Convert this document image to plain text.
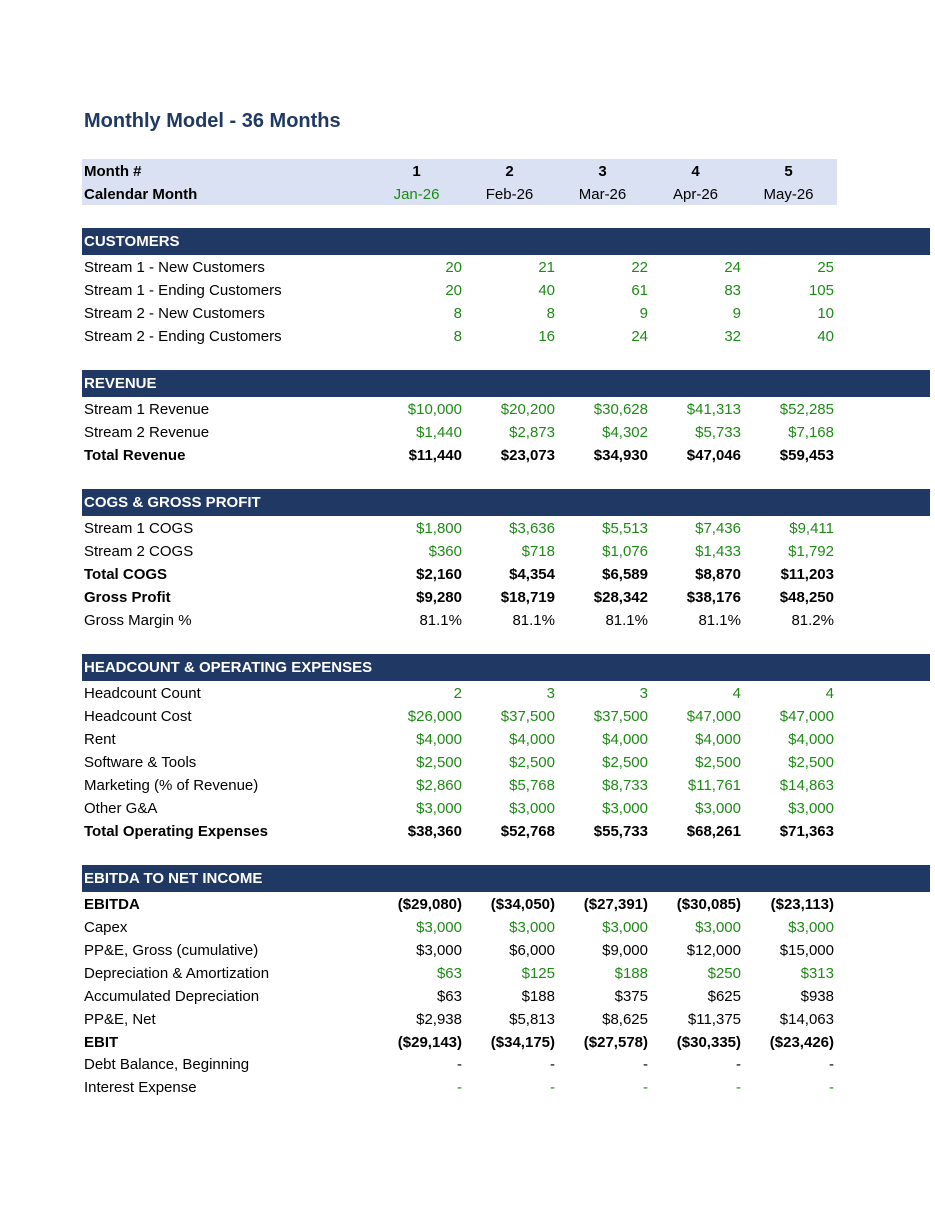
Monthly Model - 36 Months
Month #	1	2	3	4	5
Calendar Month	Jan-26	Feb-26	Mar-26	Apr-26	May-26
CUSTOMERS
Stream 1 - New Customers	20	21	22	24	25
Stream 1 - Ending Customers	20	40	61	83	105
Stream 2 - New Customers	8	8	9	9	10
Stream 2 - Ending Customers	8	16	24	32	40
REVENUE
Stream 1 Revenue	$10,000	$20,200	$30,628	$41,313	$52,285
Stream 2 Revenue	$1,440	$2,873	$4,302	$5,733	$7,168
Total Revenue	$11,440	$23,073	$34,930	$47,046	$59,453
COGS & GROSS PROFIT
Stream 1 COGS	$1,800	$3,636	$5,513	$7,436	$9,411
Stream 2 COGS	$360	$718	$1,076	$1,433	$1,792
Total COGS	$2,160	$4,354	$6,589	$8,870	$11,203
Gross Profit	$9,280	$18,719	$28,342	$38,176	$48,250
Gross Margin %	81.1%	81.1%	81.1%	81.1%	81.2%
HEADCOUNT & OPERATING EXPENSES
Headcount Count	2	3	3	4	4
Headcount Cost	$26,000	$37,500	$37,500	$47,000	$47,000
Rent	$4,000	$4,000	$4,000	$4,000	$4,000
Software & Tools	$2,500	$2,500	$2,500	$2,500	$2,500
Marketing (% of Revenue)	$2,860	$5,768	$8,733	$11,761	$14,863
Other G&A	$3,000	$3,000	$3,000	$3,000	$3,000
Total Operating Expenses	$38,360	$52,768	$55,733	$68,261	$71,363
EBITDA TO NET INCOME
EBITDA	($29,080)	($34,050)	($27,391)	($30,085)	($23,113)
Capex	$3,000	$3,000	$3,000	$3,000	$3,000
PP&E, Gross (cumulative)	$3,000	$6,000	$9,000	$12,000	$15,000
Depreciation & Amortization	$63	$125	$188	$250	$313
Accumulated Depreciation	$63	$188	$375	$625	$938
PP&E, Net	$2,938	$5,813	$8,625	$11,375	$14,063
EBIT	($29,143)	($34,175)	($27,578)	($30,335)	($23,426)
Debt Balance, Beginning	-	-	-	-	-
Interest Expense	-	-	-	-	-
